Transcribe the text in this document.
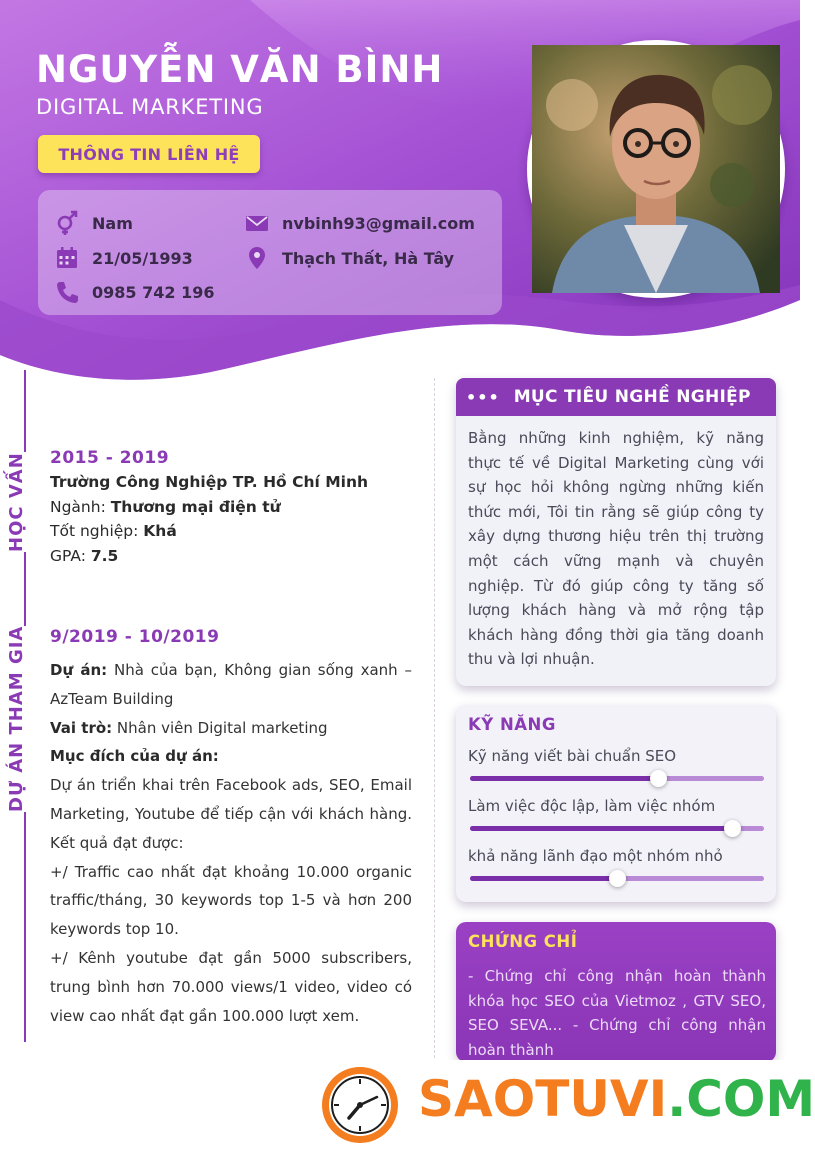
NGUYỄN VĂN BÌNH
DIGITAL MARKETING
THÔNG TIN LIÊN HỆ
Nam
21/05/1993
0985 742 196
nvbinh93@gmail.com
Thạch Thất, Hà Tây
HỌC VẤN
DỰ ÁN THAM GIA
2015 - 2019
Trường Công Nghiệp TP. Hồ Chí Minh
Ngành: Thương mại điện tử
Tốt nghiệp: Khá
GPA: 7.5
9/2019 - 10/2019

Dự án: Nhà của bạn, Không gian sống xanh – AzTeam Building

Vai trò: Nhân viên Digital marketing

Mục đích của dự án:

Dự án triển khai trên Facebook ads, SEO, Email Marketing, Youtube để tiếp cận với khách hàng. Kết quả đạt được:

+/ Traffic cao nhất đạt khoảng 10.000 organic traffic/tháng, 30 keywords top 1-5 và hơn 200 keywords top 10.

+/ Kênh youtube đạt gần 5000 subscribers, trung bình hơn 70.000 views/1 video, video có view cao nhất đạt gần 100.000 lượt xem.

••• MỤC TIÊU NGHỀ NGHIỆP
Bằng những kinh nghiệm, kỹ năng thực tế về Digital Marketing cùng với sự học hỏi không ngừng những kiến thức mới, Tôi tin rằng sẽ giúp công ty xây dựng thương hiệu trên thị trường một cách vững mạnh và chuyên nghiệp. Từ đó giúp công ty tăng số lượng khách hàng và mở rộng tập khách hàng đồng thời gia tăng doanh thu và lợi nhuận.
KỸ NĂNG
Kỹ năng viết bài chuẩn SEO
Làm việc độc lập, làm việc nhóm
khả năng lãnh đạo một nhóm nhỏ
CHỨNG CHỈ
- Chứng chỉ công nhận hoàn thành khóa học SEO của Vietmoz , GTV SEO, SEO SEVA... - Chứng chỉ công nhận hoàn thành
SAOTUVI .COM
